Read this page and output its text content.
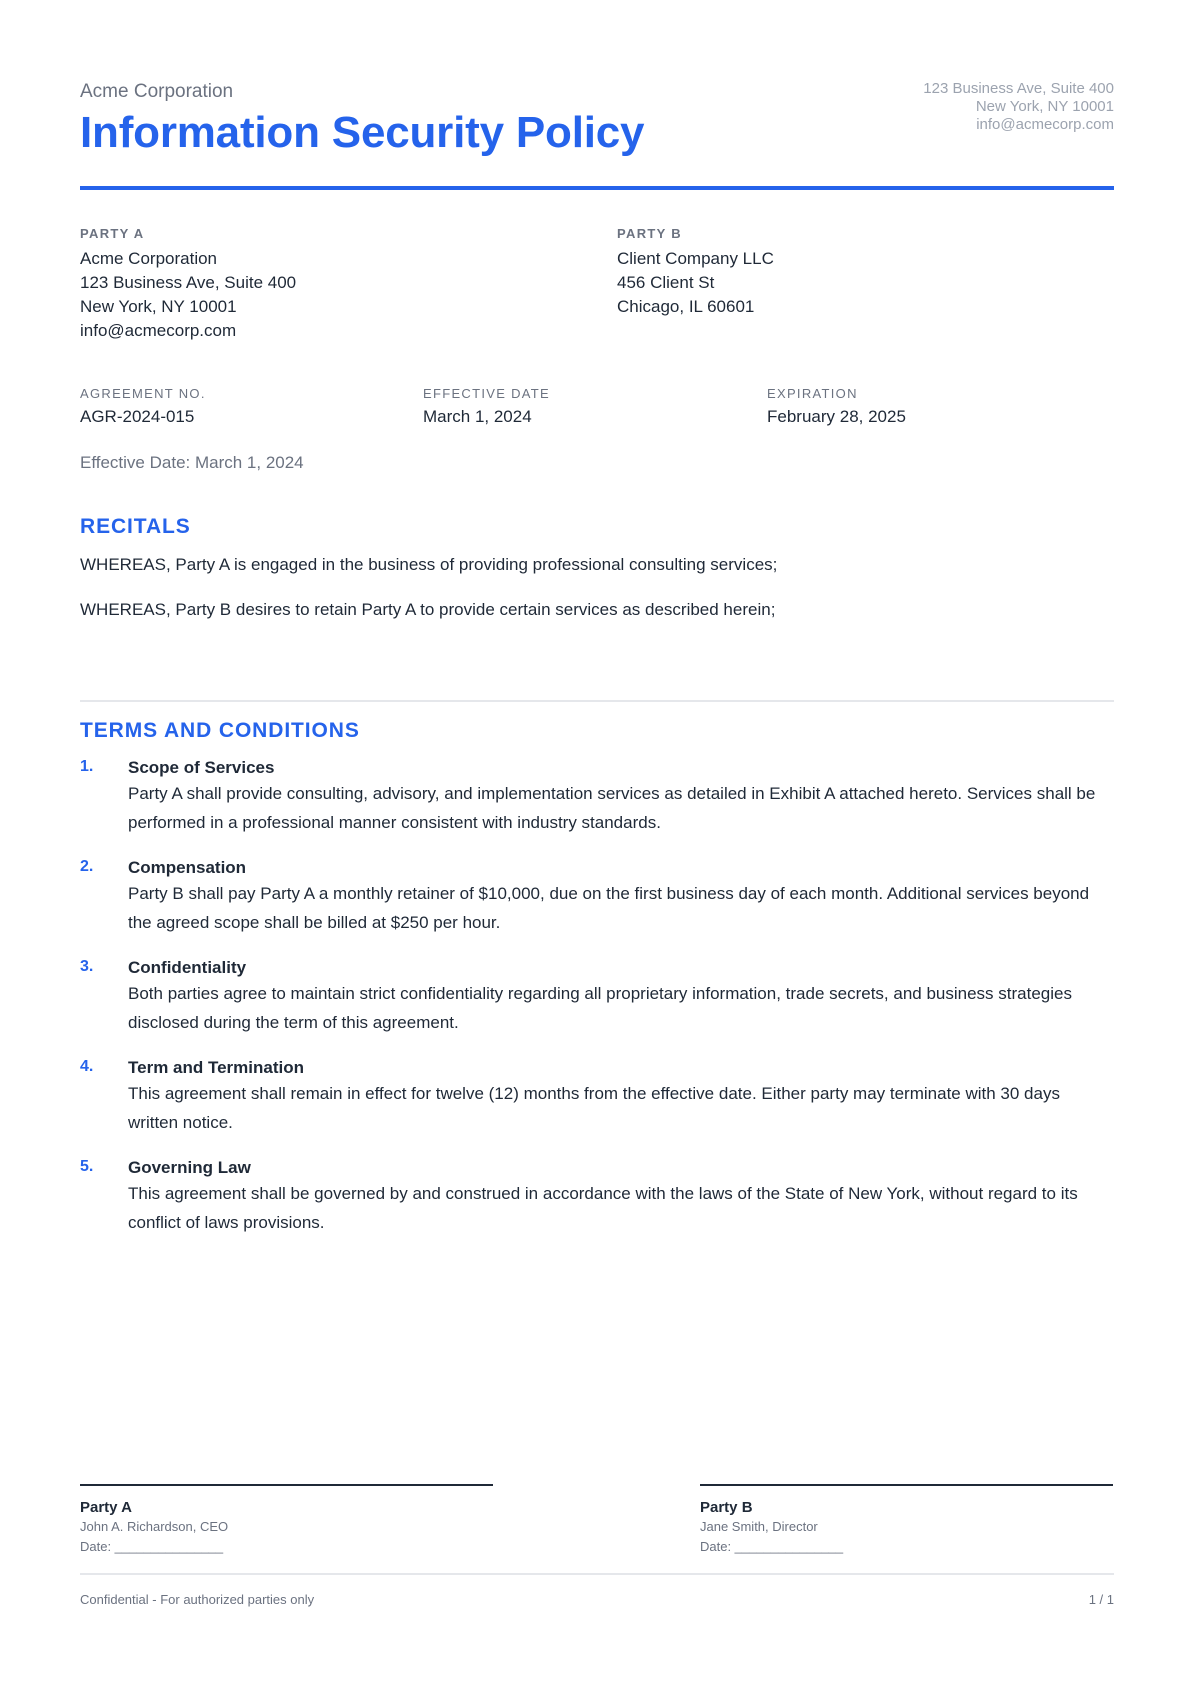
Acme Corporation
Information Security Policy
123 Business Ave, Suite 400
New York, NY 10001
info@acmecorp.com
PARTY A
Acme Corporation
123 Business Ave, Suite 400
New York, NY 10001
info@acmecorp.com
PARTY B
Client Company LLC
456 Client St
Chicago, IL 60601
AGREEMENT NO.
AGR-2024-015
EFFECTIVE DATE
March 1, 2024
EXPIRATION
February 28, 2025
Effective Date: March 1, 2024
RECITALS
WHEREAS, Party A is engaged in the business of providing professional consulting services;
WHEREAS, Party B desires to retain Party A to provide certain services as described herein;
TERMS AND CONDITIONS
1. Scope of Services
Party A shall provide consulting, advisory, and implementation services as detailed in Exhibit A attached hereto. Services shall be performed in a professional manner consistent with industry standards.
2. Compensation
Party B shall pay Party A a monthly retainer of $10,000, due on the first business day of each month. Additional services beyond the agreed scope shall be billed at $250 per hour.
3. Confidentiality
Both parties agree to maintain strict confidentiality regarding all proprietary information, trade secrets, and business strategies disclosed during the term of this agreement.
4. Term and Termination
This agreement shall remain in effect for twelve (12) months from the effective date. Either party may terminate with 30 days written notice.
5. Governing Law
This agreement shall be governed by and construed in accordance with the laws of the State of New York, without regard to its conflict of laws provisions.
Party A
John A. Richardson, CEO
Date: _______________
Party B
Jane Smith, Director
Date: _______________
Confidential - For authorized parties only	1 / 1
